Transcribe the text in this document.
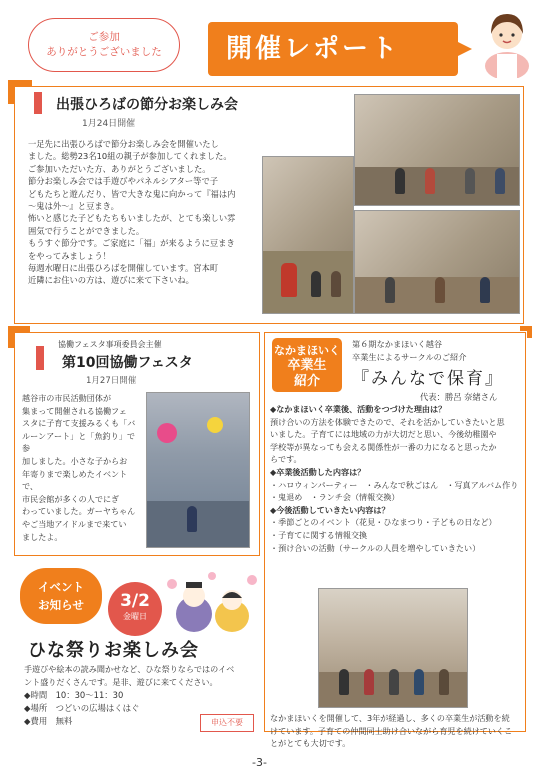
ご参加
ありがとうございました	開催レポート
出張ひろばの節分お楽しみ会
1月24日開催
一足先に出張ひろばで節分お楽しみ会を開催いたし
ました。総勢23名10組の親子が参加してくれました。
ご参加いただいた方、ありがとうございました。
節分お楽しみ会では手遊びやパネルシアター等で子
どもたちと遊んだり、皆で大きな鬼に向かって『福は内
～鬼は外～』と豆まき。
怖いと感じた子どもたちもいましたが、とても楽しい雰
囲気で行うことができました。
もうすぐ節分です。ご家庭に「福」が来るように豆まき
をやってみましょう！
毎週水曜日に出張ひろばを開催しています。宮本町
近隣にお住いの方は、遊びに来て下さいね。
協働フェスタ事項委員会主催
第10回協働フェスタ
1月27日開催
越谷市の市民活動団体が
集まって開催される協働フェ
スタに子育て支援みるくも「バ
ルーンアート」と「魚釣り」で参
加しました。小さな子からお
年寄りまで楽しめたイベントで、
市民会館が多くの人でにぎ
わっていました。ガーヤちゃん
やご当地アイドルまで来てい
ましたよ。
なかまほいく
卒業生
紹介
第６期なかまほいく越谷
卒業生によるサークルのご紹介
『みんなで保育』
代表：勝呂 奈緒さん
◆なかまほいく卒業後、活動をつづけた理由は？
預け合いの方法を体験できたので、それを活かしていきたいと思
いました。子育てには地域の力が大切だと思い、今後幼稚園や
学校等が異なっても会える関係性が一番の力になると思ったか
らです。
◆卒業後活動した内容は？
・ハロウィンパーティー　・みんなで秋ごはん　・写真アルバム作り
・鬼退め　・ランチ会（情報交換）
◆今後活動していきたい内容は？
・季節ごとのイベント（花見・ひなまつり・子どもの日など）
・子育てに関する情報交換
・預け合いの活動（サークルの人員を増やしていきたい）
なかまほいくを開催して、3年が経過し、多くの卒業生が活動を続
けています。子育ての仲間同士助け合いながら育児を続けていくこ
とがとても大切です。
イベント
お知らせ	3/2
金曜日
ひな祭りお楽しみ会
手遊びや絵本の読み聞かせなど、ひな祭りならではのイベ
ント盛りだくさんです。是非、遊びに来てください。
◆時間　10：30～11：30
◆場所　つどいの広場はくはぐ
◆費用　無料	申込不要
-3-
